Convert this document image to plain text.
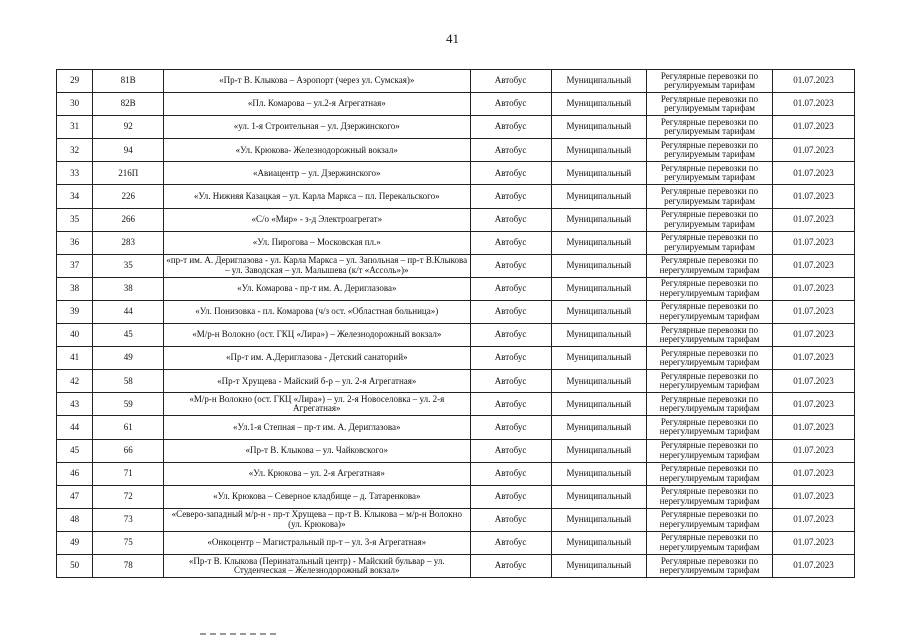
41
29	81В	«Пр-т В. Клыкова – Аэропорт (через ул. Сумская)»	Автобус	Муниципальный	Регулярные перевозки по регулируемым тарифам	01.07.2023
30	82В	«Пл. Комарова – ул.2-я Агрегатная»	Автобус	Муниципальный	Регулярные перевозки по регулируемым тарифам	01.07.2023
31	92	«ул. 1-я Строительная – ул. Дзержинского»	Автобус	Муниципальный	Регулярные перевозки по регулируемым тарифам	01.07.2023
32	94	«Ул. Крюкова- Железнодорожный вокзал»	Автобус	Муниципальный	Регулярные перевозки по регулируемым тарифам	01.07.2023
33	216П	«Авиацентр – ул. Дзержинского»	Автобус	Муниципальный	Регулярные перевозки по регулируемым тарифам	01.07.2023
34	226	«Ул. Нижняя Казацкая – ул. Карла Маркса – пл. Перекальского»	Автобус	Муниципальный	Регулярные перевозки по регулируемым тарифам	01.07.2023
35	266	«С/о «Мир» - з-д Электроагрегат»	Автобус	Муниципальный	Регулярные перевозки по регулируемым тарифам	01.07.2023
36	283	«Ул. Пирогова – Московская пл.»	Автобус	Муниципальный	Регулярные перевозки по регулируемым тарифам	01.07.2023
37	35	«пр-т им. А. Дериглазова - ул. Карла Маркса – ул. Запольная – пр-т В.Клыкова – ул. Заводская – ул. Малышева (к/т «Ассоль»)»	Автобус	Муниципальный	Регулярные перевозки по нерегулируемым тарифам	01.07.2023
38	38	«Ул. Комарова - пр-т им. А. Дериглазова»	Автобус	Муниципальный	Регулярные перевозки по нерегулируемым тарифам	01.07.2023
39	44	«Ул. Понизовка - пл. Комарова (ч/з ост. «Областная больница»)	Автобус	Муниципальный	Регулярные перевозки по нерегулируемым тарифам	01.07.2023
40	45	«М/р-н Волокно (ост. ГКЦ «Лира») – Железнодорожный вокзал»	Автобус	Муниципальный	Регулярные перевозки по нерегулируемым тарифам	01.07.2023
41	49	«Пр-т им. А.Дериглазова - Детский санаторий»	Автобус	Муниципальный	Регулярные перевозки по нерегулируемым тарифам	01.07.2023
42	58	«Пр-т Хрущева - Майский б-р – ул. 2-я Агрегатная»	Автобус	Муниципальный	Регулярные перевозки по нерегулируемым тарифам	01.07.2023
43	59	«М/р-н Волокно (ост. ГКЦ «Лира») – ул. 2-я Новоселовка – ул. 2-я Агрегатная»	Автобус	Муниципальный	Регулярные перевозки по нерегулируемым тарифам	01.07.2023
44	61	«Ул.1-я Степная – пр-т им. А. Дериглазова»	Автобус	Муниципальный	Регулярные перевозки по нерегулируемым тарифам	01.07.2023
45	66	«Пр-т В. Клыкова – ул. Чайковского»	Автобус	Муниципальный	Регулярные перевозки по нерегулируемым тарифам	01.07.2023
46	71	«Ул. Крюкова – ул. 2-я Агрегатная»	Автобус	Муниципальный	Регулярные перевозки по нерегулируемым тарифам	01.07.2023
47	72	«Ул. Крюкова – Северное кладбище – д. Татаренкова»	Автобус	Муниципальный	Регулярные перевозки по нерегулируемым тарифам	01.07.2023
48	73	«Северо-западный м/р-н - пр-т Хрущева – пр-т В. Клыкова – м/р-н Волокно (ул. Крюкова)»	Автобус	Муниципальный	Регулярные перевозки по нерегулируемым тарифам	01.07.2023
49	75	«Онкоцентр – Магистральный пр-т – ул. 3-я Агрегатная»	Автобус	Муниципальный	Регулярные перевозки по нерегулируемым тарифам	01.07.2023
50	78	«Пр-т В. Клыкова (Перинатальный центр) - Майский бульвар – ул. Студенческая – Железнодорожный вокзал»	Автобус	Муниципальный	Регулярные перевозки по нерегулируемым тарифам	01.07.2023
